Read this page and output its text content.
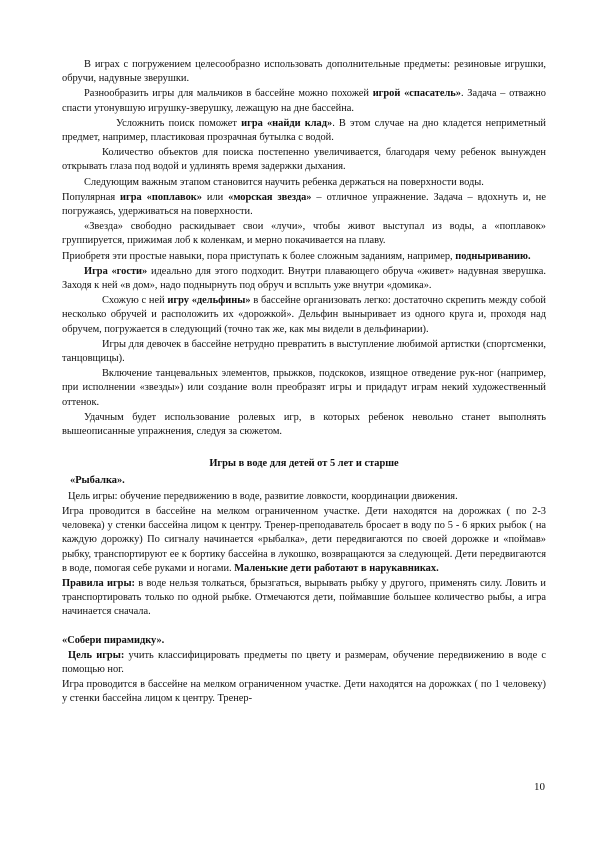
В играх с погружением целесообразно использовать дополнительные предметы: резиновые игрушки, обручи, надувные зверушки.

Разнообразить игры для мальчиков в бассейне можно похожей игрой «спасатель». Задача – отважно спасти утонувшую игрушку-зверушку, лежащую на дне бассейна.

Усложнить поиск поможет игра «найди клад». В этом случае на дно кладется неприметный предмет, например, пластиковая прозрачная бутылка с водой.

Количество объектов для поиска постепенно увеличивается, благодаря чему ребенок вынужден открывать глаза под водой и удлинять время задержки дыхания.

Следующим важным этапом становится научить ребенка держаться на поверхности воды.

Популярная игра «поплавок» или «морская звезда» – отличное упражнение. Задача – вдохнуть и, не погружаясь, удерживаться на поверхности.

«Звезда» свободно раскидывает свои «лучи», чтобы живот выступал из воды, а «поплавок» группируется, прижимая лоб к коленкам, и мерно покачивается на плаву.

Приобретя эти простые навыки, пора приступать к более сложным заданиям, например, подныриванию.

Игра «гости» идеально для этого подходит. Внутри плавающего обруча «живет» надувная зверушка. Заходя к ней «в дом», надо поднырнуть под обруч и всплыть уже внутри «домика».

Схожую с ней игру «дельфины» в бассейне организовать легко: достаточно скрепить между собой несколько обручей и расположить их «дорожкой». Дельфин выныривает из одного круга и, проходя над обручем, погружается в следующий (точно так же, как мы видели в дельфинарии).

Игры для девочек в бассейне нетрудно превратить в выступление любимой артистки (спортсменки, танцовщицы).

Включение танцевальных элементов, прыжков, подскоков, изящное отведение рук-ног (например, при исполнении «звезды») или создание волн преобразят игры и придадут играм некий художественный оттенок.

Удачным будет использование ролевых игр, в которых ребенок невольно станет выполнять вышеописанные упражнения, следуя за сюжетом.

Игры в воде для детей от 5 лет и старше
«Рыбалка».

Цель игры: обучение передвижению в воде, развитие ловкости, координации движения.

Игра проводится в бассейне на мелком ограниченном участке. Дети находятся на дорожках ( по 2-3 человека) у стенки бассейна лицом к центру. Тренер-преподаватель бросает в воду по 5 - 6 ярких рыбок ( на каждую дорожку) По сигналу начинается «рыбалка», дети передвигаются по своей дорожке и «поймав» рыбку, транспортируют ее к бортику бассейна в лукошко, возвращаются за следующей. Дети передвигаются в воде, помогая себе руками и ногами. Маленькие дети работают в нарукавниках.

Правила игры: в воде нельзя толкаться, брызгаться, вырывать рыбку у другого, применять силу. Ловить и транспортировать только по одной рыбке. Отмечаются дети, поймавшие большее количество рыбы, а игра начинается сначала.

«Собери пирамидку».

Цель игры: учить классифицировать предметы по цвету и размерам, обучение передвижению в воде с помощью ног.

Игра проводится в бассейне на мелком ограниченном участке. Дети находятся на дорожках ( по 1 человеку) у стенки бассейна лицом к центру. Тренер-

10
